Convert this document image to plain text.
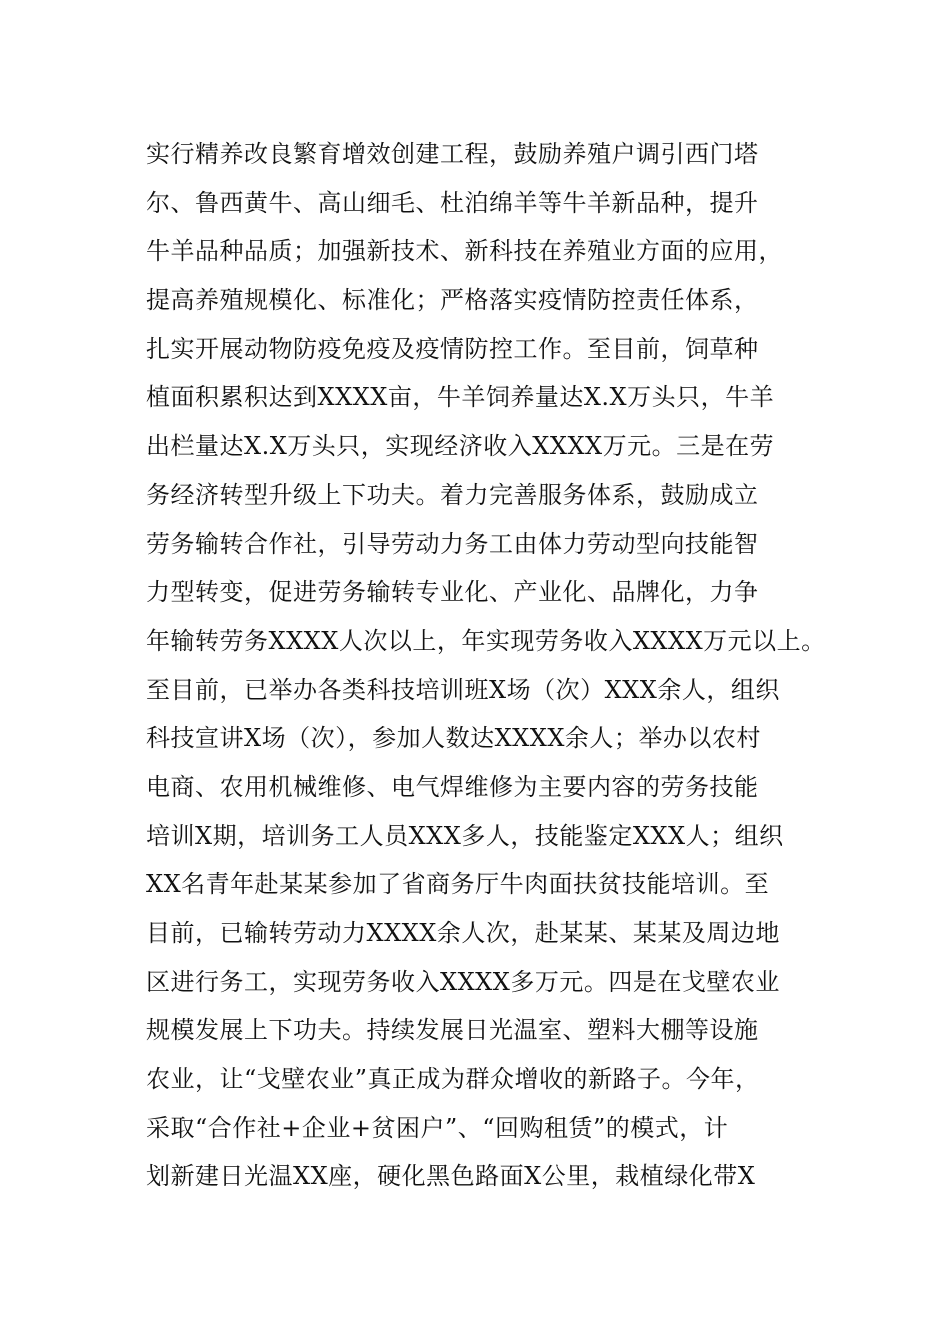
实行精养改良繁育增效创建工程，鼓励养殖户调引西门塔
尔、鲁西黄牛、高山细毛、杜泊绵羊等牛羊新品种，提升
牛羊品种品质；加强新技术、新科技在养殖业方面的应用，
提高养殖规模化、标准化；严格落实疫情防控责任体系，
扎实开展动物防疫免疫及疫情防控工作。至目前，饲草种
植面积累积达到XXXX亩，牛羊饲养量达X.X万头只，牛羊
出栏量达X.X万头只，实现经济收入XXXX万元。三是在劳
务经济转型升级上下功夫。着力完善服务体系，鼓励成立
劳务输转合作社，引导劳动力务工由体力劳动型向技能智
力型转变，促进劳务输转专业化、产业化、品牌化，力争
年输转劳务XXXX人次以上，年实现劳务收入XXXX万元以上。
至目前，已举办各类科技培训班X场（次）XXX余人，组织
科技宣讲X场（次），参加人数达XXXX余人；举办以农村
电商、农用机械维修、电气焊维修为主要内容的劳务技能
培训X期，培训务工人员XXX多人，技能鉴定XXX人；组织
XX名青年赴某某参加了省商务厅牛肉面扶贫技能培训。至
目前，已输转劳动力XXXX余人次，赴某某、某某及周边地
区进行务工，实现劳务收入XXXX多万元。四是在戈壁农业
规模发展上下功夫。持续发展日光温室、塑料大棚等设施
农业，让“戈壁农业”真正成为群众增收的新路子。今年，
采取“合作社+企业+贫困户”、“回购租赁”的模式，计
划新建日光温XX座，硬化黑色路面X公里，栽植绿化带X
